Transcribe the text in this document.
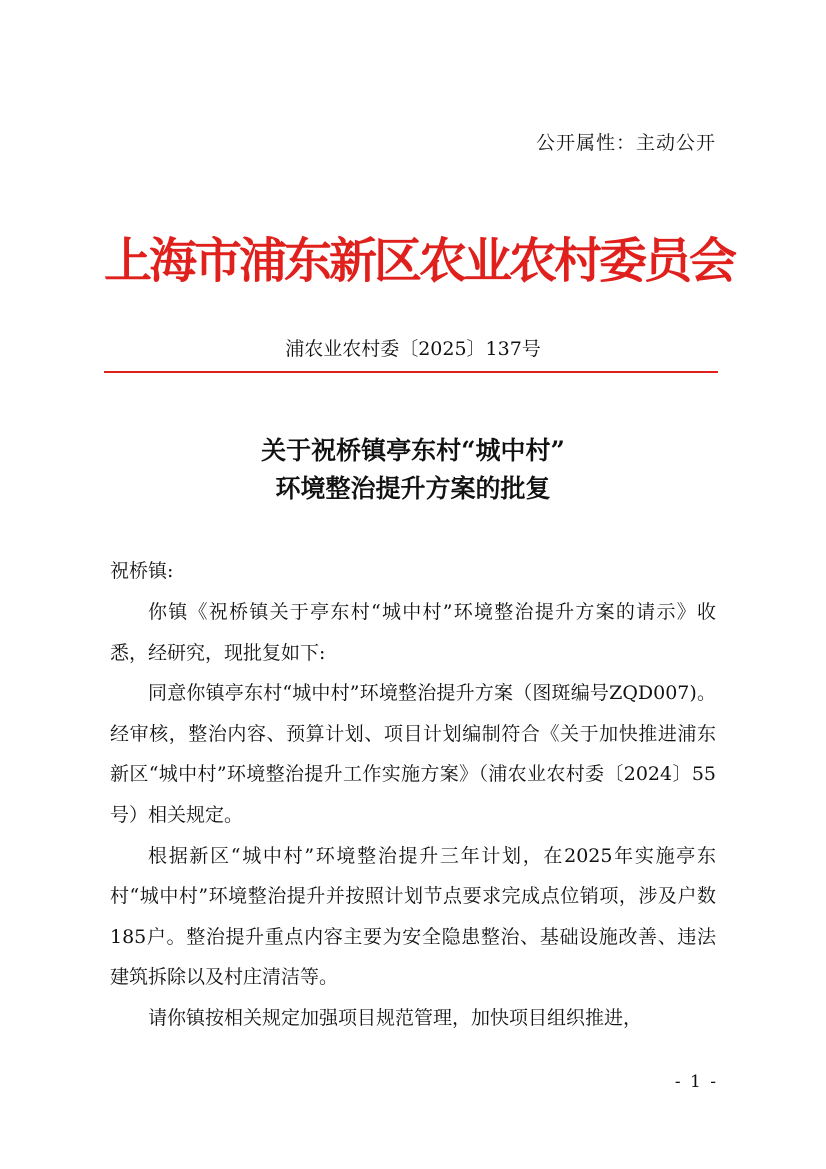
公开属性：主动公开
上海市浦东新区农业农村委员会
浦农业农村委〔2025〕137号
关于祝桥镇亭东村“城中村”
环境整治提升方案的批复
祝桥镇:

你镇《祝桥镇关于亭东村“城中村”环境整治提升方案的请示》收悉，经研究，现批复如下:

同意你镇亭东村“城中村”环境整治提升方案（图斑编号ZQD007)。经审核，整治内容、预算计划、项目计划编制符合《关于加快推进浦东新区“城中村”环境整治提升工作实施方案》（浦农业农村委〔2024〕55号）相关规定。

根据新区“城中村”环境整治提升三年计划，在2025年实施亭东村“城中村”环境整治提升并按照计划节点要求完成点位销项，涉及户数185户。整治提升重点内容主要为安全隐患整治、基础设施改善、违法建筑拆除以及村庄清洁等。

请你镇按相关规定加强项目规范管理，加快项目组织推进，

- 1 -
